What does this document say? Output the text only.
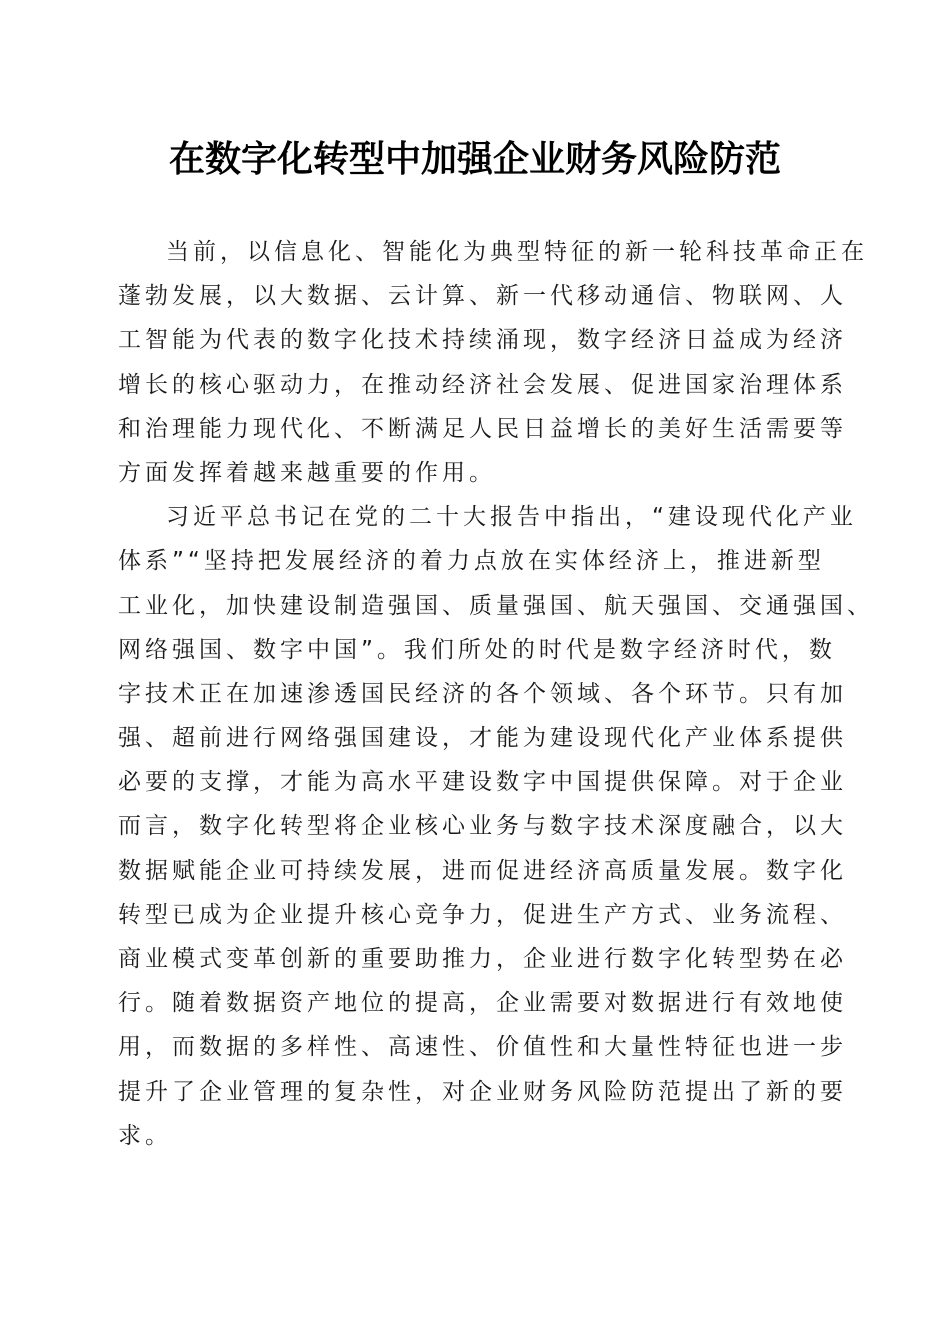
在数字化转型中加强企业财务风险防范
当前，以信息化、智能化为典型特征的新一轮科技革命正在
蓬勃发展，以大数据、云计算、新一代移动通信、物联网、人
工智能为代表的数字化技术持续涌现，数字经济日益成为经济
增长的核心驱动力，在推动经济社会发展、促进国家治理体系
和治理能力现代化、不断满足人民日益增长的美好生活需要等
方面发挥着越来越重要的作用。
习近平总书记在党的二十大报告中指出，“建设现代化产业
体系”“坚持把发展经济的着力点放在实体经济上，推进新型
工业化，加快建设制造强国、质量强国、航天强国、交通强国、
网络强国、数字中国”。我们所处的时代是数字经济时代，数
字技术正在加速渗透国民经济的各个领域、各个环节。只有加
强、超前进行网络强国建设，才能为建设现代化产业体系提供
必要的支撑，才能为高水平建设数字中国提供保障。对于企业
而言，数字化转型将企业核心业务与数字技术深度融合，以大
数据赋能企业可持续发展，进而促进经济高质量发展。数字化
转型已成为企业提升核心竞争力，促进生产方式、业务流程、
商业模式变革创新的重要助推力，企业进行数字化转型势在必
行。随着数据资产地位的提高，企业需要对数据进行有效地使
用，而数据的多样性、高速性、价值性和大量性特征也进一步
提升了企业管理的复杂性，对企业财务风险防范提出了新的要
求。
